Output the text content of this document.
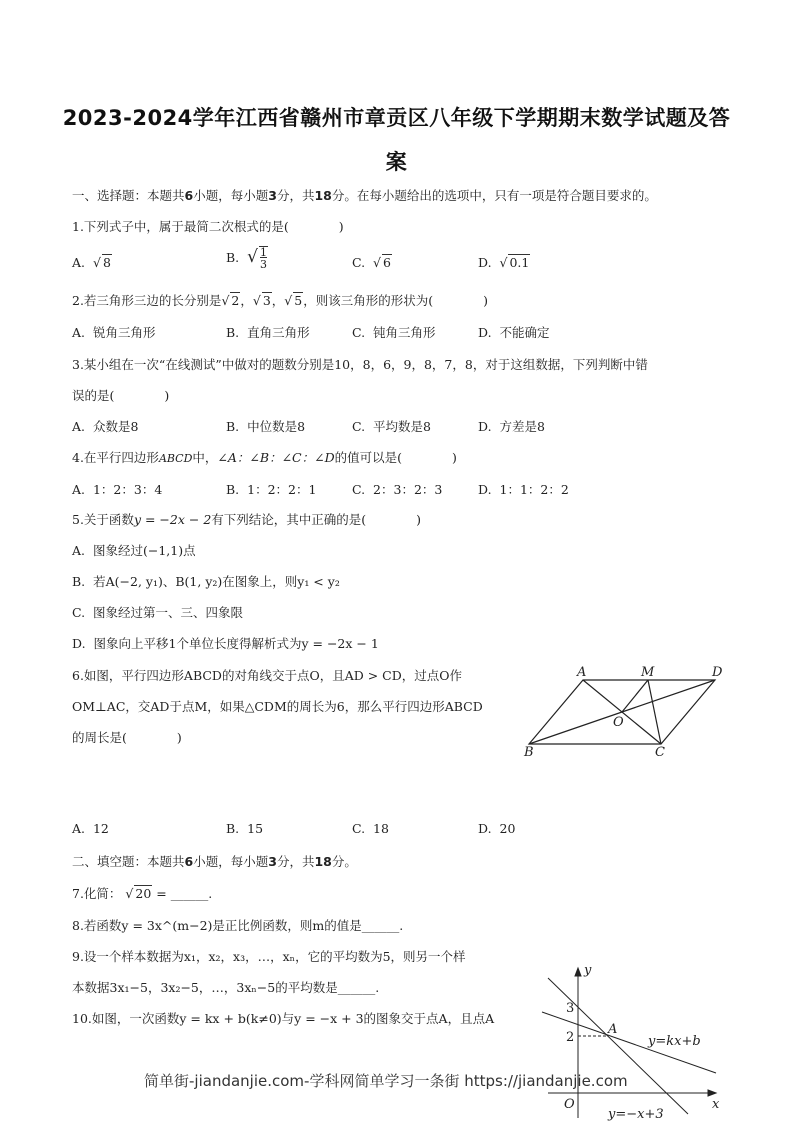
2023-2024学年江西省赣州市章贡区八年级下学期期末数学试题及答
案
一、选择题：本题共6小题，每小题3分，共18分。在每小题给出的选项中，只有一项是符合题目要求的。
1.下列式子中，属于最简二次根式的是(　　　　)
A.  √ 8	B. √ 1
3	C.  √ 6	D.  √ 0.1
2.若三角形三边的长分别是√ 2，√ 3，√ 5，则该三角形的形状为(　　　　)
A. 锐角三角形	B. 直角三角形	C. 钝角三角形	D. 不能确定
3.某小组在一次“在线测试”中做对的题数分别是10，8，6，9，8，7，8，对于这组数据，下列判断中错
误的是(　　　　)
A. 众数是8	B. 中位数是8	C. 平均数是8	D. 方差是8
4.在平行四边形ABCD中，∠A：∠B：∠C：∠D的值可以是(　　　　)
A. 1：2：3：4	B. 1：2：2：1	C. 2：3：2：3	D. 1：1：2：2
5.关于函数y = −2x − 2有下列结论，其中正确的是(　　　　)
A. 图象经过(−1,1)点
B. 若A(−2, y₁)、B(1, y₂)在图象上，则y₁ < y₂
C. 图象经过第一、三、四象限
D. 图象向上平移1个单位长度得解析式为y = −2x − 1
6.如图，平行四边形ABCD的对角线交于点O，且AD > CD，过点O作
OM⊥AC，交AD于点M，如果△CDM的周长为6，那么平行四边形ABCD
的周长是(　　　　)
A	M	D
O
B	C
A. 12	B. 15	C. 18	D. 20
二、填空题：本题共6小题，每小题3分，共18分。
7.化简： √ 20 = ______.
8.若函数y = 3x^(m−2)是正比例函数，则m的值是______.
9.设一个样本数据为x₁，x₂，x₃，…，xₙ，它的平均数为5，则另一个样
本数据3x₁−5，3x₂−5，…，3xₙ−5的平均数是______.
10.如图，一次函数y = kx + b(k≠0)与y = −x + 3的图象交于点A，且点A
y
x
O
3
2
A
y=kx+b
y=−x+3
简单街-jiandanjie.com-学科网简单学习一条街 https://jiandanjie.com
